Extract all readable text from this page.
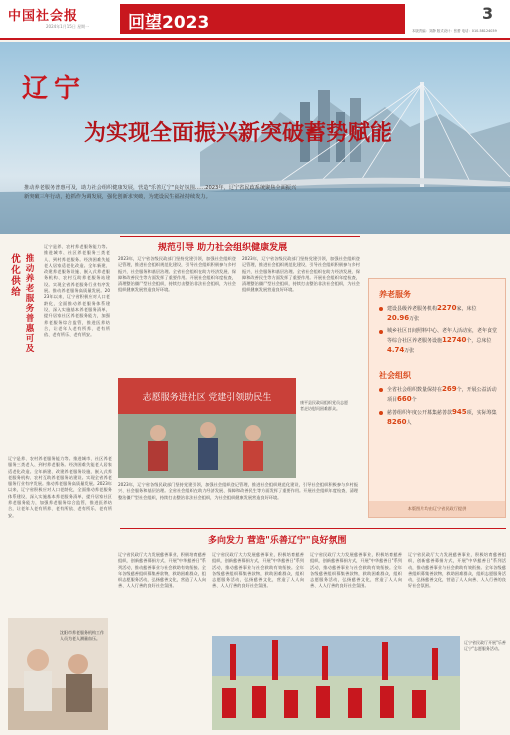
中国社会报
2024年1月15日 星期一 回望2023	本版责编：刘静 版式设计：张蕾 电话：010-58124039
3
辽宁
为实现全面振兴新突破蓄势赋能
推动养老服务普惠可及，助力社会组织健康发展，营造"乐善辽宁"良好氛围……2023年，辽宁省民政系统聚焦全面振兴
新突破三年行动，抢抓作为调发展，强化创新求突破，为建设民生福祉持续发力。
优化供给
推动养老服务普惠可及
辽宁是养、农村养老服务能力等。推进城市、社区养老服务三类老人、到村养老服务。经济困难失能老人居家适老化改造。全年新建、改建养老服务设施、嵌入式养老服务机构、农村互助养老服务站建设。实现全省养老服务行业有序发展。推动养老服务高质量发展。2023年以来，辽宁省积极应对人口老龄化，全面推动养老服务体系建设，深入实施基本养老服务清单，提升居家社区养老服务能力，加强养老服务综合监管，推进医养结合，让老年人老有所养、老有所依、老有所乐、老有所安。
辽宁是养、农村养老服务能力等。推进城市、社区养老服务三类老人、到村养老服务。经济困难失能老人居家适老化改造。全年新建、改建养老服务设施、嵌入式养老服务机构、农村互助养老服务站建设。实现全省养老服务行业有序发展。推动养老服务高质量发展。2023年以来，辽宁省积极应对人口老龄化，全面推动养老服务体系建设，深入实施基本养老服务清单，提升居家社区养老服务能力，加强养老服务综合监管，推进医养结合，让老年人老有所养、老有所依、老有所乐、老有所安。
规范引导 助力社会组织健康发展
2023年，辽宁省各级民政部门坚持党建引领，加强社会组织登记管理，推进社会组织规范化建设，引导社会组织积极参与乡村振兴、社会服务和基层治理。全省社会组织在助力经济发展、保障和改善民生等方面发挥了重要作用。开展社会组织年度检查，清理整治僵尸型社会组织，持续打击整治非法社会组织，为社会组织健康发展营造良好环境。
2023年，辽宁省各级民政部门坚持党建引领，加强社会组织登记管理，推进社会组织规范化建设，引导社会组织积极参与乡村振兴、社会服务和基层治理。全省社会组织在助力经济发展、保障和改善民生等方面发挥了重要作用。开展社会组织年度检查，清理整治僵尸型社会组织，持续打击整治非法社会组织，为社会组织健康发展营造良好环境。
志愿服务进社区 党建引领助民生	康平县民政局组织党员志愿者走访慰问困难群众。
2023年，辽宁省各级民政部门坚持党建引领，加强社会组织登记管理，推进社会组织规范化建设，引导社会组织积极参与乡村振兴、社会服务和基层治理。全省社会组织在助力经济发展、保障和改善民生等方面发挥了重要作用。开展社会组织年度检查，清理整治僵尸型社会组织，持续打击整治非法社会组织，为社会组织健康发展营造良好环境。
养老服务
建设县级养老服务机构2270家，床位20.96万张
城乡社区日间照料中心、老年人活动室，老年食堂等综合社区养老服务设施12740个，总床位4.74万张
社会组织
全省社会组织数量保持在269个，开展公益活动项目660个
慈善组织年度公开募集慈善款945项，实际筹集8260人
本版图片均由辽宁省民政厅提供
多向发力 营造"乐善辽宁"良好氛围
辽宁省民政厅大力发展慈善事业，积极培育慈善组织，创新慈善募捐方式，开展"中华慈善日"系列活动，推动慈善事业与社会救助有效衔接。全年各级慈善组织募集善款物，救助困难群众，组织志愿服务活动，弘扬慈善文化，营造了人人向善、人人行善的良好社会氛围。
辽宁省民政厅大力发展慈善事业，积极培育慈善组织，创新慈善募捐方式，开展"中华慈善日"系列活动，推动慈善事业与社会救助有效衔接。全年各级慈善组织募集善款物，救助困难群众，组织志愿服务活动，弘扬慈善文化，营造了人人向善、人人行善的良好社会氛围。
辽宁省民政厅大力发展慈善事业，积极培育慈善组织，创新慈善募捐方式，开展"中华慈善日"系列活动，推动慈善事业与社会救助有效衔接。全年各级慈善组织募集善款物，救助困难群众，组织志愿服务活动，弘扬慈善文化，营造了人人向善、人人行善的良好社会氛围。
辽宁省民政厅大力发展慈善事业，积极培育慈善组织，创新慈善募捐方式，开展"中华慈善日"系列活动，推动慈善事业与社会救助有效衔接。全年各级慈善组织募集善款物，救助困难群众，组织志愿服务活动，弘扬慈善文化，营造了人人向善、人人行善的良好社会氛围。
沈阳市养老服务机构工作人员为老人测量血压。
辽宁省民政厅开展"乐善辽宁"志愿服务活动。
